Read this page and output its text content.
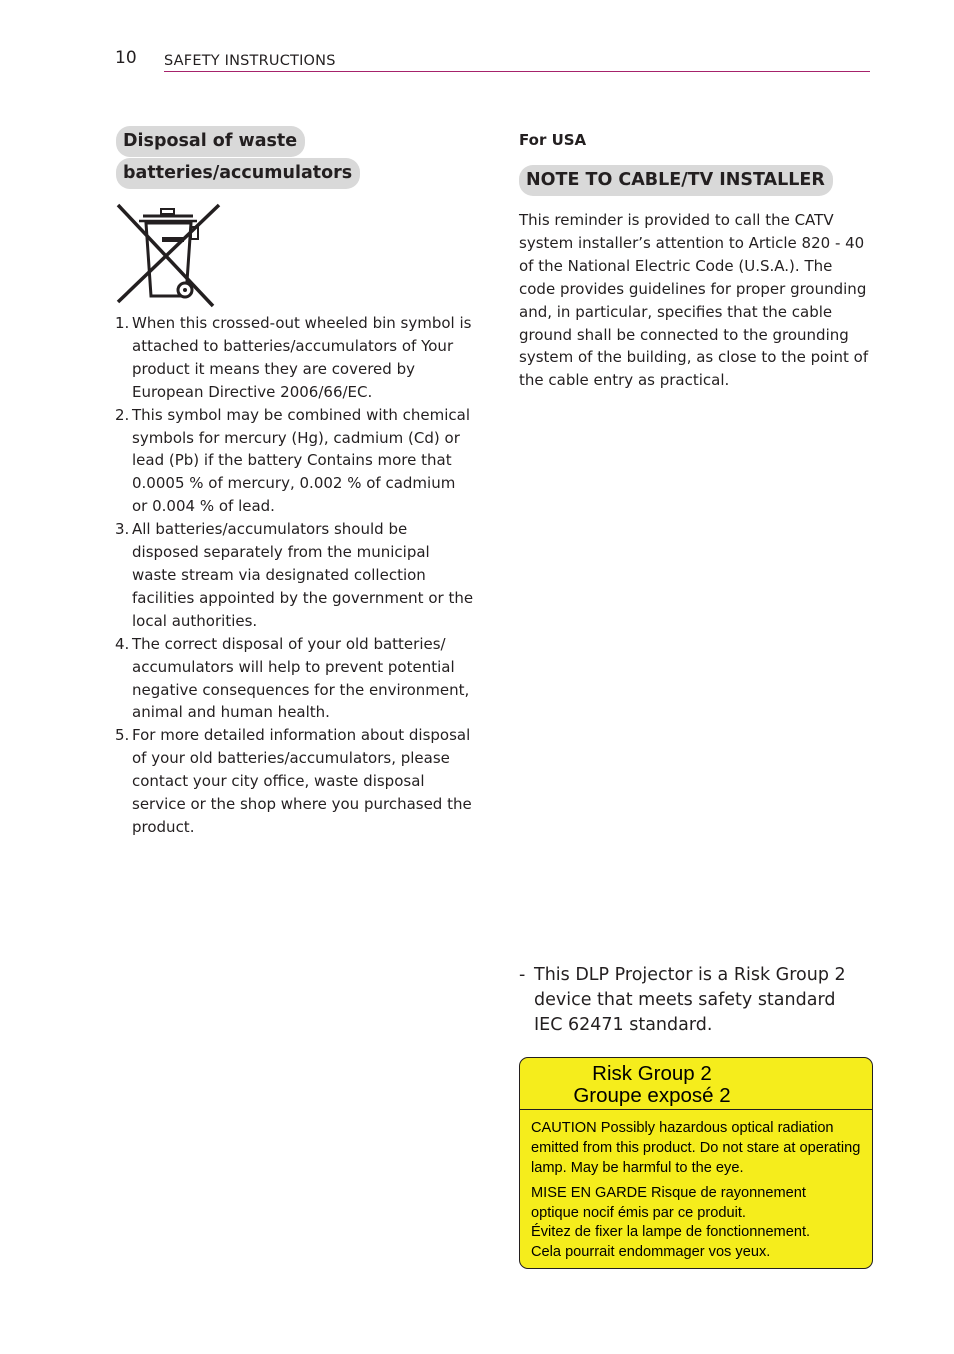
10 SAFETY INSTRUCTIONS
Disposal of waste
batteries/accumulators
1. When this crossed-out wheeled bin symbol is attached to batteries/accumulators of Your product it means they are covered by European Directive 2006/66/EC.
2. This symbol may be combined with chemical symbols for mercury (Hg), cadmium (Cd) or lead (Pb) if the battery Contains more that 0.0005 % of mercury, 0.002 % of cadmium or 0.004 % of lead.
3. All batteries/accumulators should be disposed separately from the municipal waste stream via designated collection facilities appointed by the government or the local authorities.
4. The correct disposal of your old batteries/ accumulators will help to prevent potential negative consequences for the environment, animal and human health.
5. For more detailed information about disposal of your old batteries/accumulators, please contact your city office, waste disposal service or the shop where you purchased the product.
For USA
NOTE TO CABLE/TV INSTALLER
This reminder is provided to call the CATV system installer’s attention to Article 820 - 40 of the National Electric Code (U.S.A.). The code provides guidelines for proper grounding and, in particular, specifies that the cable ground shall be connected to the grounding system of the building, as close to the point of the cable entry as practical.
- This DLP Projector is a Risk Group 2 device that meets safety standard IEC 62471 standard.
Risk Group 2
Groupe exposé 2
CAUTION Possibly hazardous optical radiation emitted from this product. Do not stare at operating lamp. May be harmful to the eye.
MISE EN GARDE Risque de rayonnement
optique nocif émis par ce produit.
Évitez de fixer la lampe de fonctionnement.
Cela pourrait endommager vos yeux.
